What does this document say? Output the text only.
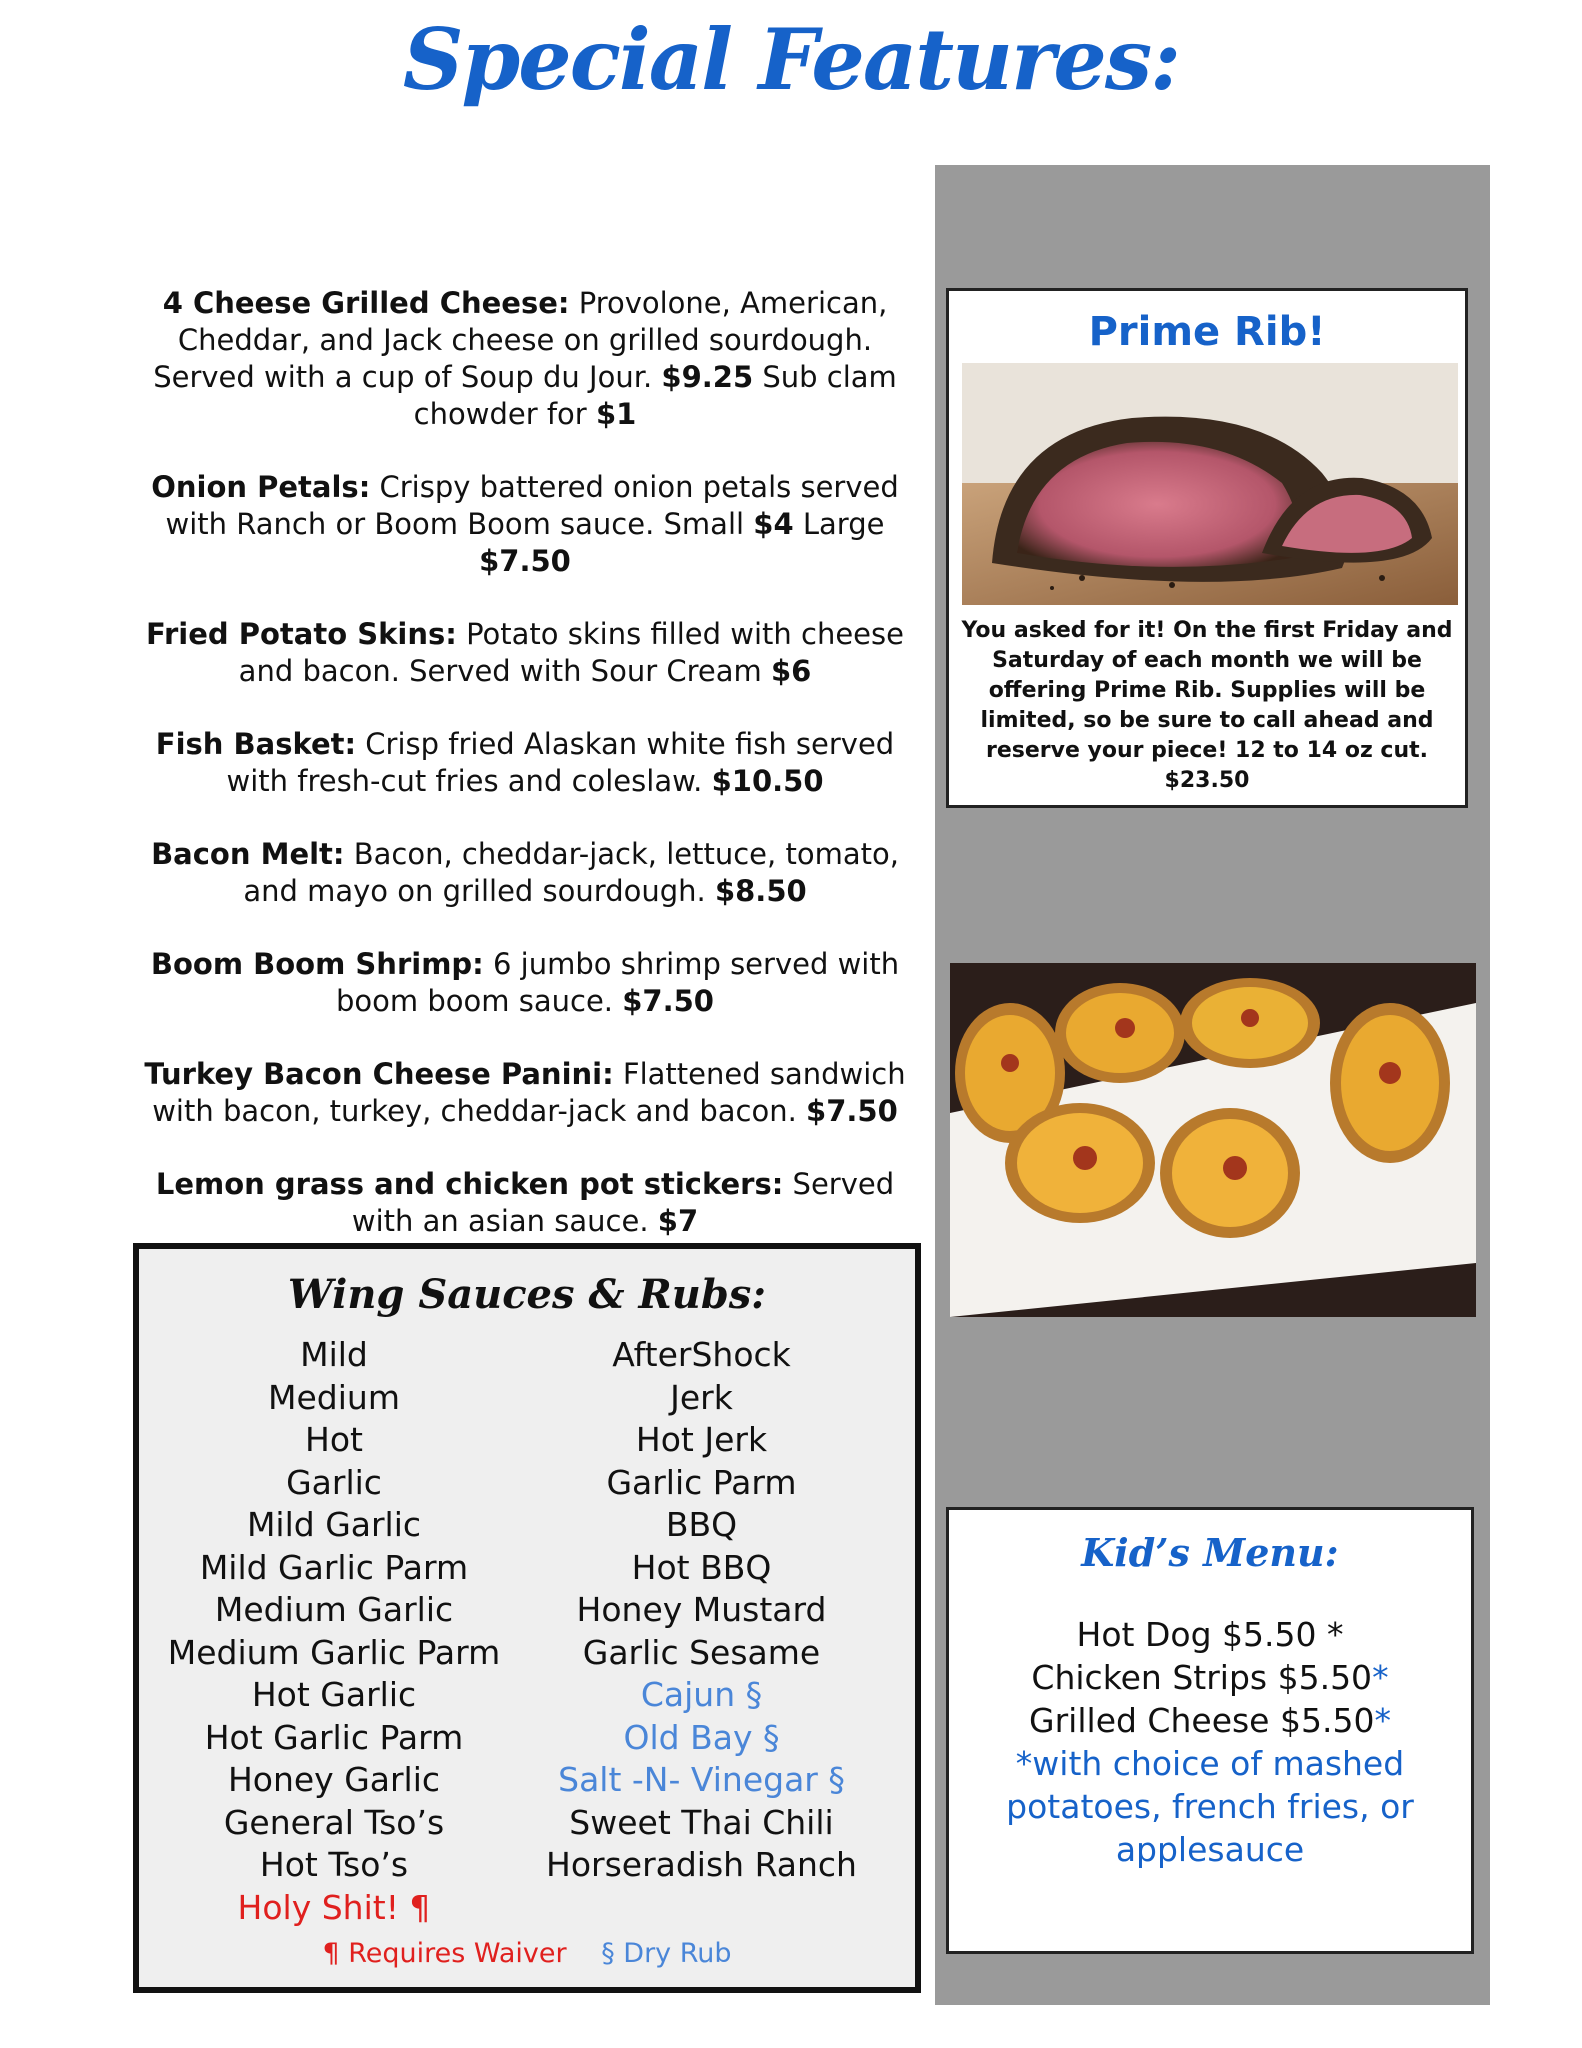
Special Features:
4 Cheese Grilled Cheese: Provolone, American, Cheddar, and Jack cheese on grilled sourdough. Served with a cup of Soup du Jour. $9.25 Sub clam chowder for $1
Onion Petals: Crispy battered onion petals served with Ranch or Boom Boom sauce. Small $4 Large $7.50
Fried Potato Skins: Potato skins filled with cheese and bacon. Served with Sour Cream $6
Fish Basket: Crisp fried Alaskan white fish served with fresh-cut fries and coleslaw. $10.50
Bacon Melt: Bacon, cheddar-jack, lettuce, tomato, and mayo on grilled sourdough. $8.50
Boom Boom Shrimp: 6 jumbo shrimp served with boom boom sauce. $7.50
Turkey Bacon Cheese Panini: Flattened sandwich with bacon, turkey, cheddar-jack and bacon. $7.50
Lemon grass and chicken pot stickers: Served with an asian sauce. $7
Prime Rib!
You asked for it! On the first Friday and Saturday of each month we will be offering Prime Rib. Supplies will be limited, so be sure to call ahead and reserve your piece! 12 to 14 oz cut.
$23.50
Wing Sauces & Rubs:
Mild
Medium
Hot
Garlic
Mild Garlic
Mild Garlic Parm
Medium Garlic
Medium Garlic Parm
Hot Garlic
Hot Garlic Parm
Honey Garlic
General Tso’s
Hot Tso’s
Holy Shit! ¶
AfterShock
Jerk
Hot Jerk
Garlic Parm
BBQ
Hot BBQ
Honey Mustard
Garlic Sesame
Cajun §
Old Bay §
Salt -N- Vinegar §
Sweet Thai Chili
Horseradish Ranch
¶ Requires Waiver § Dry Rub
Kid’s Menu:
Hot Dog $5.50 *
Chicken Strips $5.50*
Grilled Cheese $5.50*
*with choice of mashed potatoes, french fries, or applesauce
